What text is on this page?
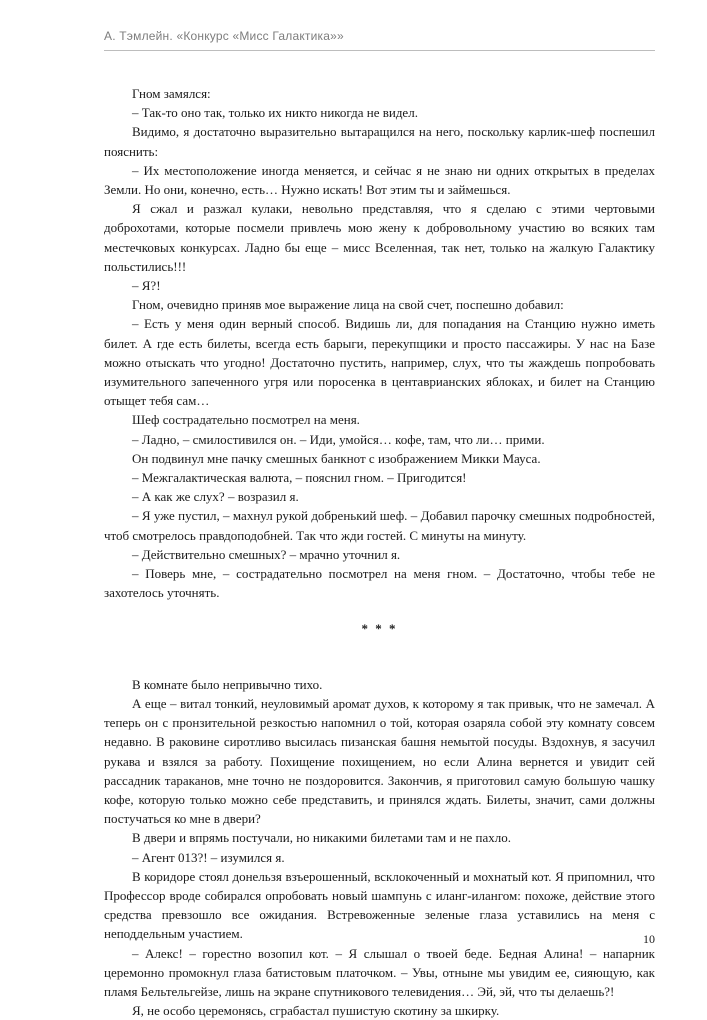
А. Тэмлейн. «Конкурс «Мисс Галактика»»

Гном замялся:

– Так-то оно так, только их никто никогда не видел.

Видимо, я достаточно выразительно вытаращился на него, поскольку карлик-шеф поспешил пояснить:

– Их местоположение иногда меняется, и сейчас я не знаю ни одних открытых в пределах Земли. Но они, конечно, есть… Нужно искать! Вот этим ты и займешься.

Я сжал и разжал кулаки, невольно представляя, что я сделаю с этими чертовыми доброхотами, которые посмели привлечь мою жену к добровольному участию во всяких там местечковых конкурсах. Ладно бы еще – мисс Вселенная, так нет, только на жалкую Галактику польстились!!!

– Я?!

Гном, очевидно приняв мое выражение лица на свой счет, поспешно добавил:

– Есть у меня один верный способ. Видишь ли, для попадания на Станцию нужно иметь билет. А где есть билеты, всегда есть барыги, перекупщики и просто пассажиры. У нас на Базе можно отыскать что угодно! Достаточно пустить, например, слух, что ты жаждешь попробовать изумительного запеченного угря или поросенка в центаврианских яблоках, и билет на Станцию отыщет тебя сам…

Шеф сострадательно посмотрел на меня.

– Ладно, – смилостивился он. – Иди, умойся… кофе, там, что ли… прими.

Он подвинул мне пачку смешных банкнот с изображением Микки Мауса.

– Межгалактическая валюта, – пояснил гном. – Пригодится!

– А как же слух? – возразил я.

– Я уже пустил, – махнул рукой добренький шеф. – Добавил парочку смешных подробностей, чтоб смотрелось правдоподобней. Так что жди гостей. С минуты на минуту.

– Действительно смешных? – мрачно уточнил я.

– Поверь мне, – сострадательно посмотрел на меня гном. – Достаточно, чтобы тебе не захотелось уточнять.

* * *

В комнате было непривычно тихо.

А еще – витал тонкий, неуловимый аромат духов, к которому я так привык, что не замечал. А теперь он с пронзительной резкостью напомнил о той, которая озаряла собой эту комнату совсем недавно. В раковине сиротливо высилась пизанская башня немытой посуды. Вздохнув, я засучил рукава и взялся за работу. Похищение похищением, но если Алина вернется и увидит сей рассадник тараканов, мне точно не поздоровится. Закончив, я приготовил самую большую чашку кофе, которую только можно себе представить, и принялся ждать. Билеты, значит, сами должны постучаться ко мне в двери?

В двери и впрямь постучали, но никакими билетами там и не пахло.

– Агент 013?! – изумился я.

В коридоре стоял донельзя взъерошенный, всклокоченный и мохнатый кот. Я припомнил, что Профессор вроде собирался опробовать новый шампунь с иланг-илангом: похоже, действие этого средства превзошло все ожидания. Встревоженные зеленые глаза уставились на меня с неподдельным участием.

– Алекс! – горестно возопил кот. – Я слышал о твоей беде. Бедная Алина! – напарник церемонно промокнул глаза батистовым платочком. – Увы, отныне мы увидим ее, сияющую, как пламя Бельтельгейзе, лишь на экране спутникового телевидения… Эй, эй, что ты делаешь?!

Я, не особо церемонясь, сграбастал пушистую скотину за шкирку.

10
